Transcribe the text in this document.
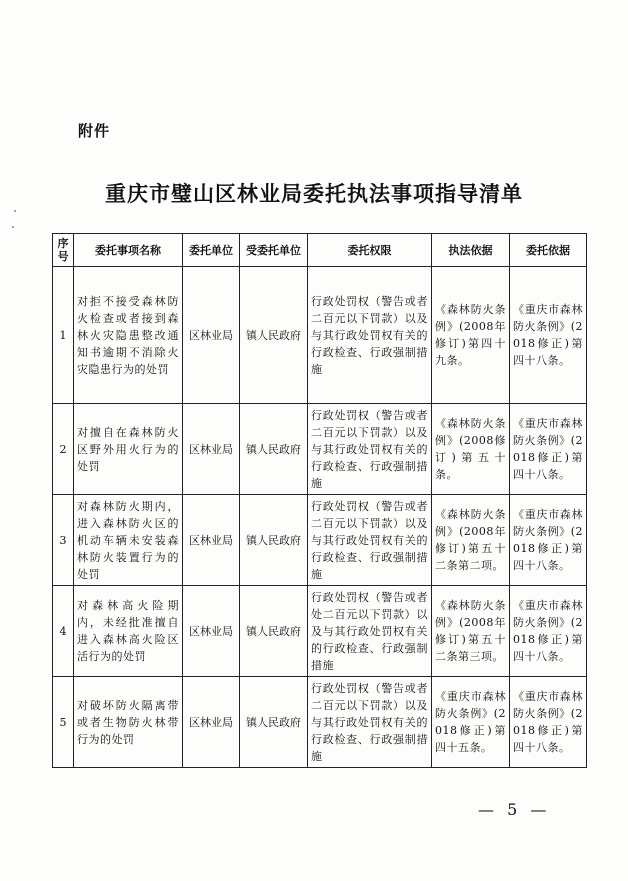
附件
重庆市璧山区林业局委托执法事项指导清单
序号	委托事项名称	委托单位	受委托单位	委托权限	执法依据	委托依据
1	对拒不接受森林防火检查或者接到森林火灾隐患整改通知书逾期不消除火灾隐患行为的处罚	区林业局	镇人民政府	行政处罚权（警告或者二百元以下罚款）以及与其行政处罚权有关的行政检查、行政强制措施	《森林防火条例》(2008年修订)第四十九条。	《重庆市森林防火条例》(2018修正)第四十八条。
2	对擅自在森林防火区野外用火行为的处罚	区林业局	镇人民政府	行政处罚权（警告或者二百元以下罚款）以及与其行政处罚权有关的行政检查、行政强制措施	《森林防火条例》(2008修订)第五十条。	《重庆市森林防火条例》(2018修正)第四十八条。
3	对森林防火期内，进入森林防火区的机动车辆未安装森林防火装置行为的处罚	区林业局	镇人民政府	行政处罚权（警告或者二百元以下罚款）以及与其行政处罚权有关的行政检查、行政强制措施	《森林防火条例》(2008年修订)第五十二条第二项。	《重庆市森林防火条例》(2018修正)第四十八条。
4	对森林高火险期内，未经批准擅自进入森林高火险区活行为的处罚	区林业局	镇人民政府	行政处罚权（警告或者处二百元以下罚款）以及与其行政处罚权有关的行政检查、行政强制措施	《森林防火条例》(2008年修订)第五十二条第三项。	《重庆市森林防火条例》(2018修正)第四十八条。
5	对破坏防火隔离带或者生物防火林带行为的处罚	区林业局	镇人民政府	行政处罚权（警告或者二百元以下罚款）以及与其行政处罚权有关的行政检查、行政强制措施	《重庆市森林防火条例》(2018修正)第四十五条。	《重庆市森林防火条例》(2018修正)第四十八条。
— 5 —
